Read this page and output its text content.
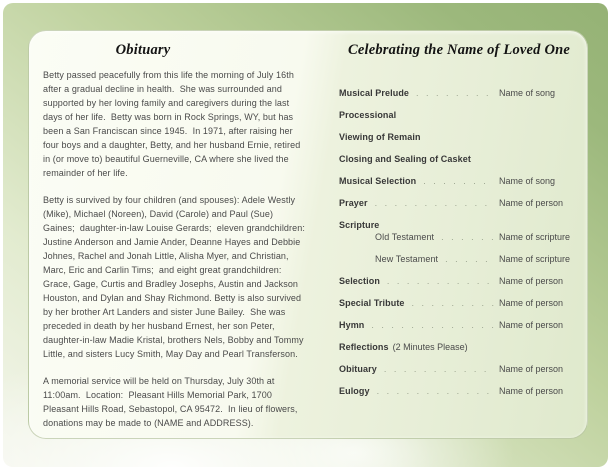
Obituary

Betty passed peacefully from this life the morning of July 16th after a gradual decline in health.  She was surrounded and supported by her loving family and caregivers during the last days of her life.  Betty was born in Rock Springs, WY, but has been a San Franciscan since 1945.  In 1971, after raising her four boys and a daughter, Betty, and her husband Ernie, retired in (or move to) beautiful Guerneville, CA where she lived the remainder of her life.

Betty is survived by four children (and spouses): Adele Westly (Mike), Michael (Noreen), David (Carole) and Paul (Sue) Gaines;  daughter-in-law Louise Gerards;  eleven grandchildren: Justine Anderson and Jamie Ander, Deanne Hayes and Debbie Johnes, Rachel and Jonah Little, Alisha Myer, and Christian, Marc, Eric and Carlin Tims;  and eight great grandchildren: Grace, Gage, Curtis and Bradley Josephs, Austin and Jackson Houston, and Dylan and Shay Richmond. Betty is also survived by her brother Art Landers and sister June Bailey.  She was preceded in death by her husband Ernest, her son Peter, daughter-in-law Madie Kristal, brothers Nels, Bobby and Tommy Little, and sisters Lucy Smith, May Day and Pearl Transferson.

A memorial service will be held on Thursday, July 30th at 11:00am.  Location:  Pleasant Hills Memorial Park, 1700 Pleasant Hills Road, Sebastopol, CA 95472.  In lieu of flowers, donations may be made to (NAME and ADDRESS).

Celebrating the Name of Loved One
Musical Prelude . . .	Name of song
Processional
Viewing of Remain
Closing and Sealing of Casket
Musical Selection . . .	Name of song
Prayer . . .	Name of person
Scripture
Old Testament . . .	Name of scripture
New Testament . . .	Name of scripture
Selection . . .	Name of person
Special Tribute . . .	Name of person
Hymn . . .	Name of person
Reflections (2 Minutes Please)
Obituary . . .	Name of person
Eulogy . . .	Name of person
